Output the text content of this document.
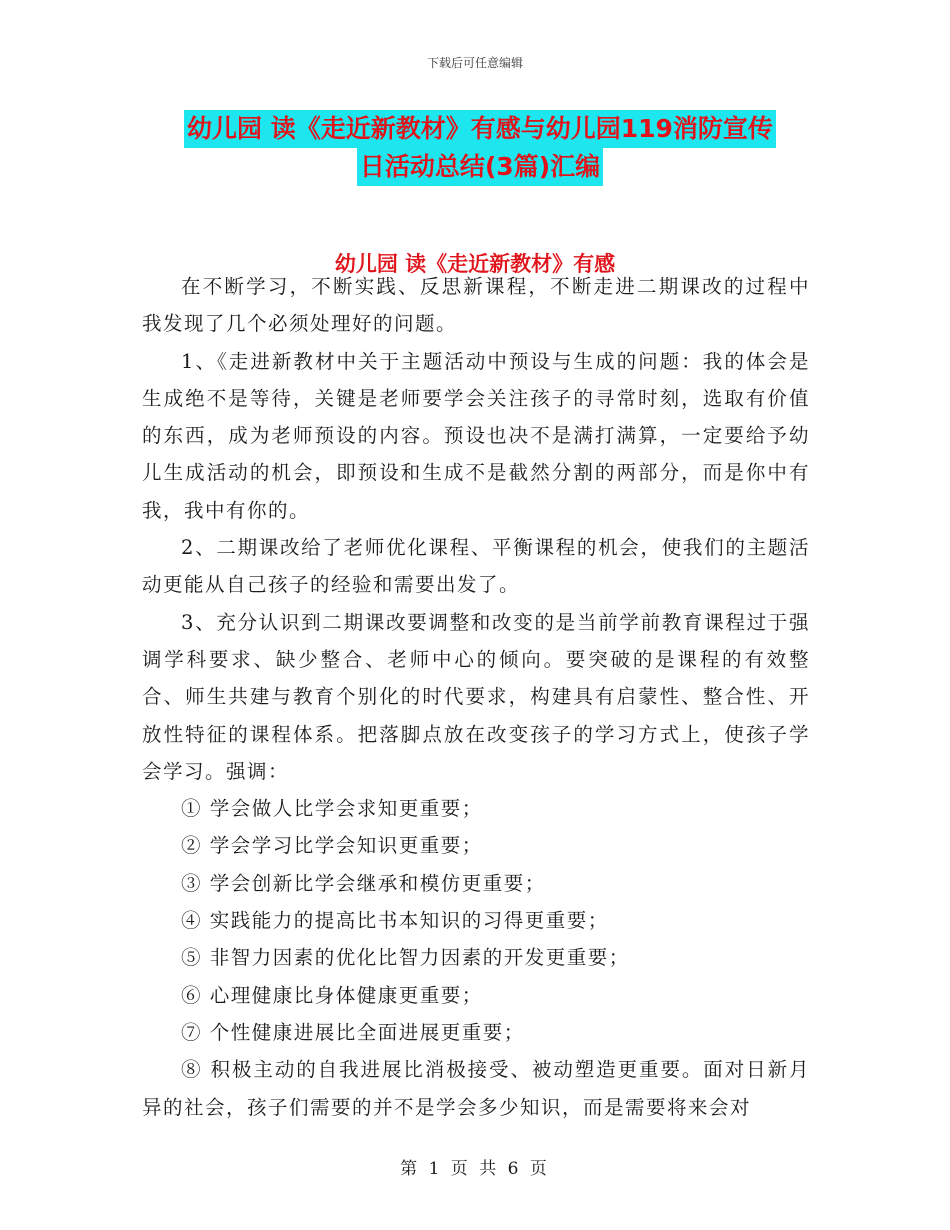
下载后可任意编辑
幼儿园 读《走近新教材》有感与幼儿园119消防宣传
日活动总结(3篇)汇编
幼儿园 读《走近新教材》有感

在不断学习，不断实践、反思新课程，不断走进二期课改的过程中我发现了几个必须处理好的问题。

1、《走进新教材中关于主题活动中预设与生成的问题：我的体会是生成绝不是等待，关键是老师要学会关注孩子的寻常时刻，选取有价值的东西，成为老师预设的内容。预设也决不是满打满算，一定要给予幼儿生成活动的机会，即预设和生成不是截然分割的两部分，而是你中有我，我中有你的。

2、二期课改给了老师优化课程、平衡课程的机会，使我们的主题活动更能从自己孩子的经验和需要出发了。

3、充分认识到二期课改要调整和改变的是当前学前教育课程过于强调学科要求、缺少整合、老师中心的倾向。要突破的是课程的有效整合、师生共建与教育个别化的时代要求，构建具有启蒙性、整合性、开放性特征的课程体系。把落脚点放在改变孩子的学习方式上，使孩子学会学习。强调：

① 学会做人比学会求知更重要；

② 学会学习比学会知识更重要；

③ 学会创新比学会继承和模仿更重要；

④ 实践能力的提高比书本知识的习得更重要；

⑤ 非智力因素的优化比智力因素的开发更重要；

⑥ 心理健康比身体健康更重要；

⑦ 个性健康进展比全面进展更重要；

⑧ 积极主动的自我进展比消极接受、被动塑造更重要。面对日新月异的社会，孩子们需要的并不是学会多少知识，而是需要将来会对

第 1 页 共 6 页
